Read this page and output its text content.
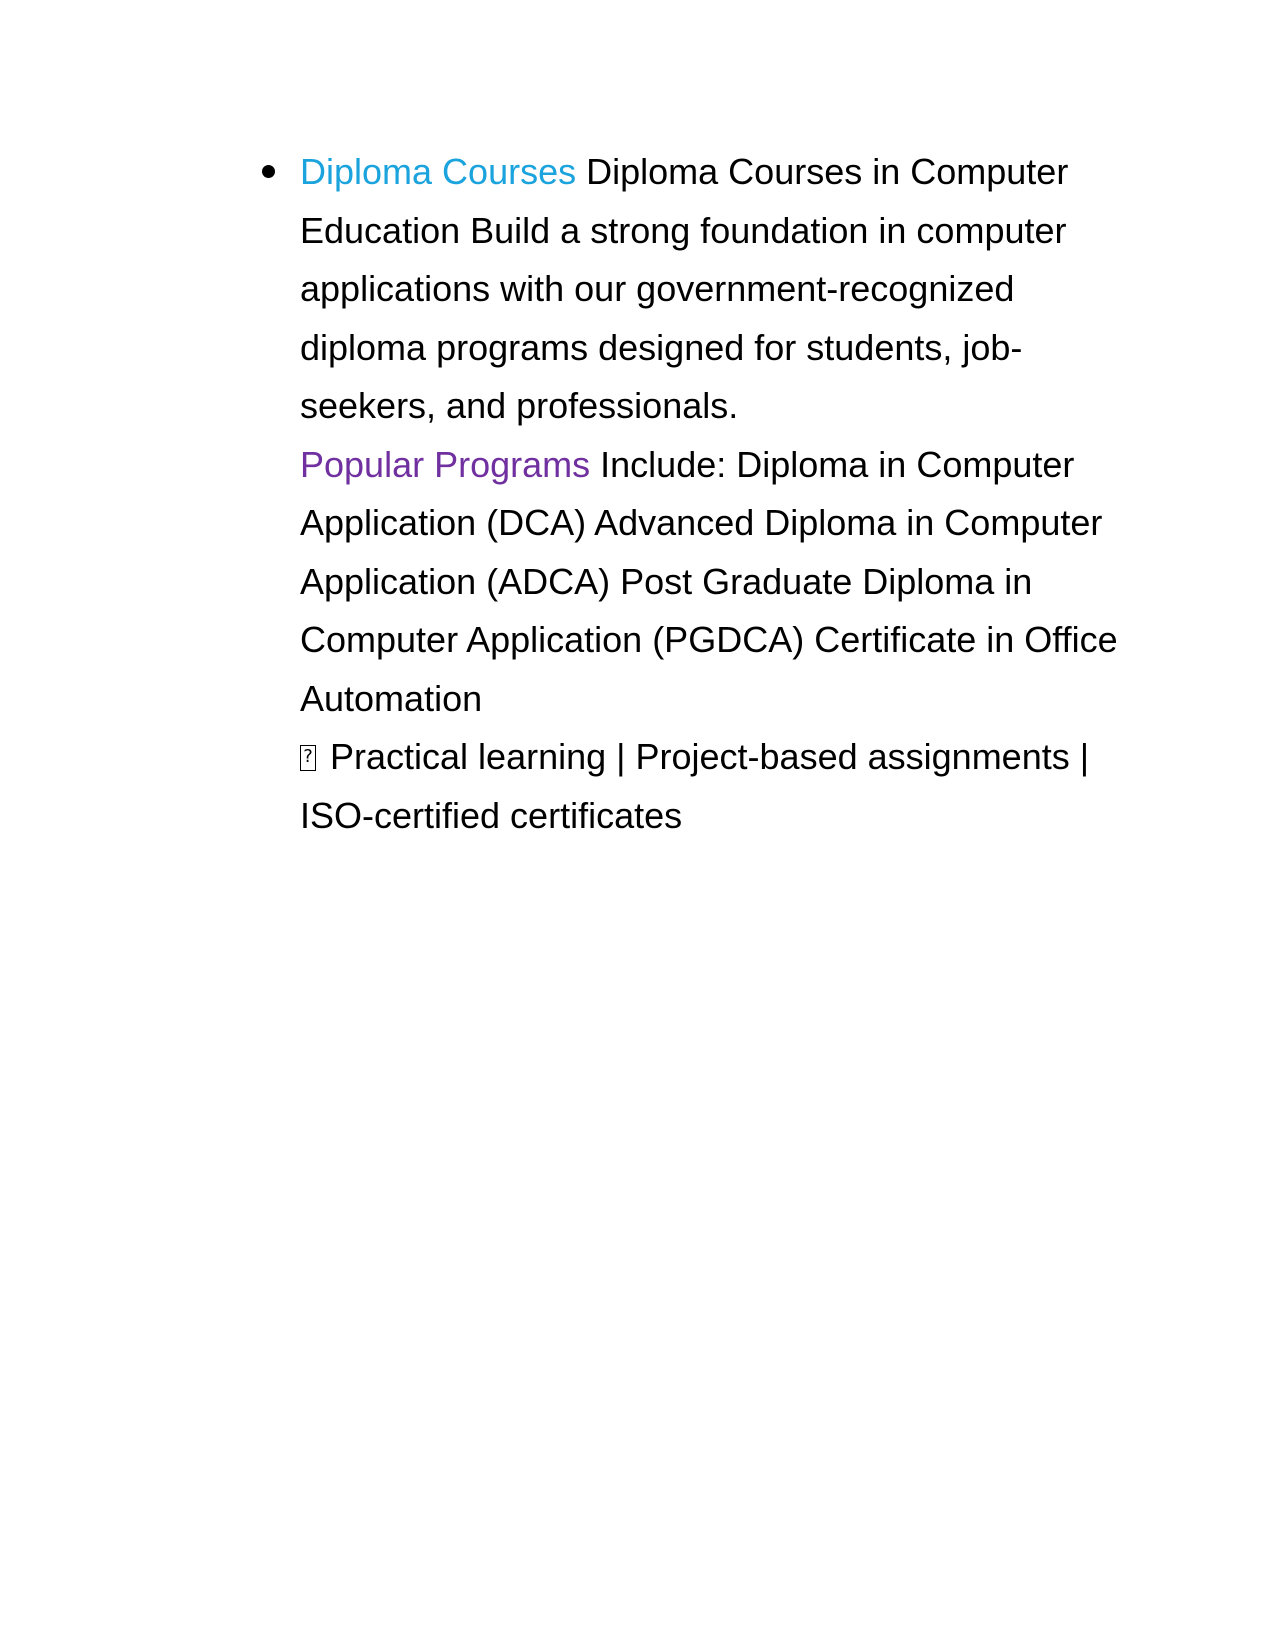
Diploma Courses Diploma Courses in Computer Education Build a strong foundation in computer applications with our government-recognized diploma programs designed for students, job-seekers, and professionals.

Popular Programs Include: Diploma in Computer Application (DCA) Advanced Diploma in Computer Application (ADCA) Post Graduate Diploma in Computer Application (PGDCA) Certificate in Office Automation

? Practical learning | Project-based assignments | ISO-certified certificates
